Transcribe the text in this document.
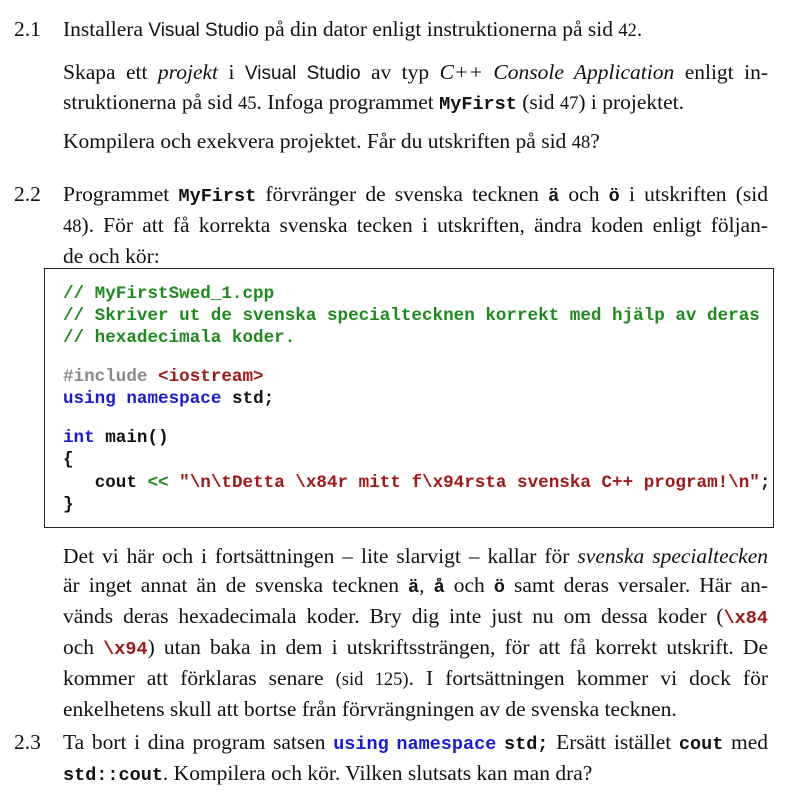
2.1 Installera Visual Studio på din dator enligt instruktionerna på sid 42.
Skapa ett projekt i Visual Studio av typ C++ Console Application enligt in-
struktionerna på sid 45. Infoga programmet MyFirst (sid 47) i projektet.
Kompilera och exekvera projektet. Får du utskriften på sid 48?
2.2 Programmet MyFirst förvränger de svenska tecknen ä och ö i utskriften (sid
48). För att få korrekta svenska tecken i utskriften, ändra koden enligt följan-
de och kör:
// MyFirstSwed_1.cpp
// Skriver ut de svenska specialtecknen korrekt med hjälp av deras
// hexadecimala koder.
#include <iostream>
using namespace std;
int main()
{
cout << "\n\tDetta \x84r mitt f\x94rsta svenska C++ program!\n";
}
Det vi här och i fortsättningen – lite slarvigt – kallar för svenska specialtecken
är inget annat än de svenska tecknen ä, å och ö samt deras versaler. Här an-
vänds deras hexadecimala koder. Bry dig inte just nu om dessa koder (\x84
och \x94) utan baka in dem i utskriftssträngen, för att få korrekt utskrift. De
kommer att förklaras senare (sid 125). I fortsättningen kommer vi dock för
enkelhetens skull att bortse från förvrängningen av de svenska tecknen.
2.3 Ta bort i dina program satsen using namespace std; Ersätt istället cout med
std::cout. Kompilera och kör. Vilken slutsats kan man dra?
